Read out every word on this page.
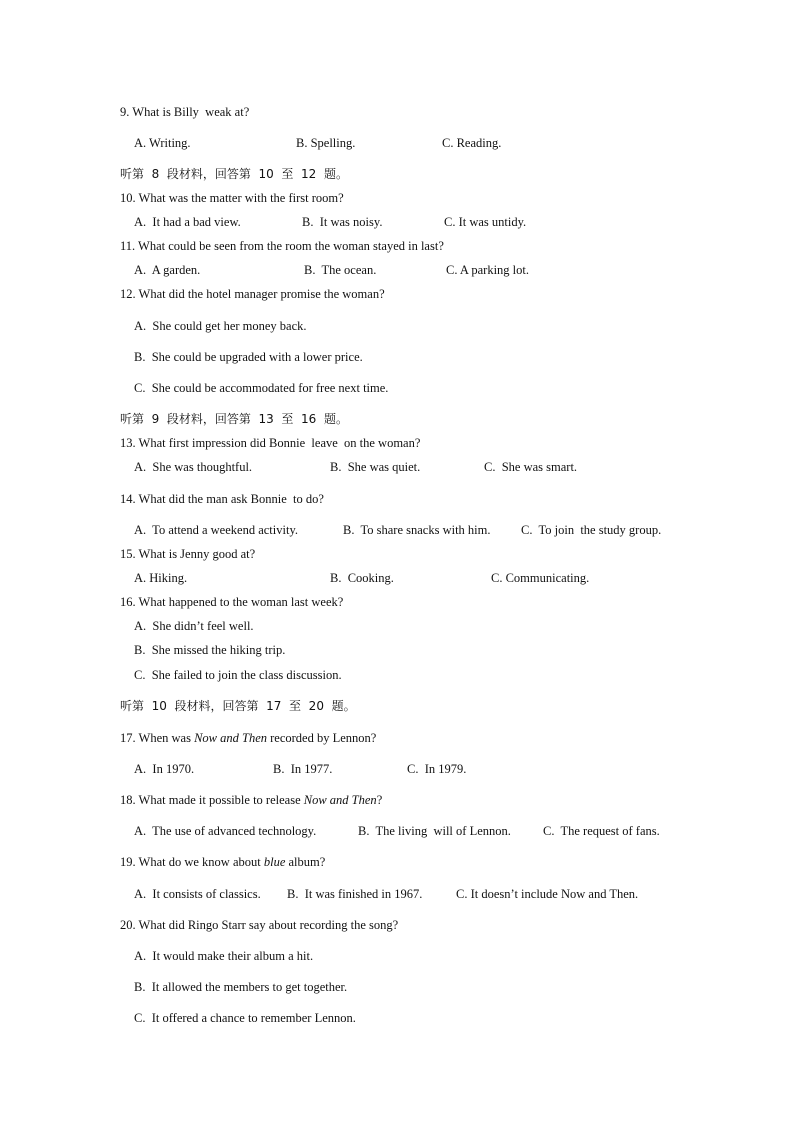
9. What is Billy  weak at?
A. Writing.	B. Spelling.	C. Reading.
听第  8  段材料，回答第  10  至  12  题。
10. What was the matter with the first room?
A.  It had a bad view.	B.  It was noisy.	C. It was untidy.
11. What could be seen from the room the woman stayed in last?
A.  A garden.	B.  The ocean.	C. A parking lot.
12. What did the hotel manager promise the woman?
A.  She could get her money back.
B.  She could be upgraded with a lower price.
C.  She could be accommodated for free next time.
听第  9  段材料，回答第  13  至  16  题。
13. What first impression did Bonnie  leave  on the woman?
A.  She was thoughtful.	B.  She was quiet.	C.  She was smart.
14. What did the man ask Bonnie  to do?
A.  To attend a weekend activity.	B.  To share snacks with him. C.  To join  the study group.
15. What is Jenny good at?
A. Hiking.	B.  Cooking.	C. Communicating.
16. What happened to the woman last week?
A.  She didn’t feel well.
B.  She missed the hiking trip.
C.  She failed to join the class discussion.
听第  10  段材料，回答第  17  至  20  题。
17. When was Now and Then recorded by Lennon?
A.  In 1970.	B.  In 1977.	C.  In 1979.
18. What made it possible to release Now and Then?
A.  The use of advanced technology.	B.  The living  will of Lennon.	C.  The request of fans.
19. What do we know about blue album?
A.  It consists of classics. B.  It was finished in 1967.	C. It doesn’t include Now and Then.
20. What did Ringo Starr say about recording the song?
A.  It would make their album a hit.
B.  It allowed the members to get together.
C.  It offered a chance to remember Lennon.
